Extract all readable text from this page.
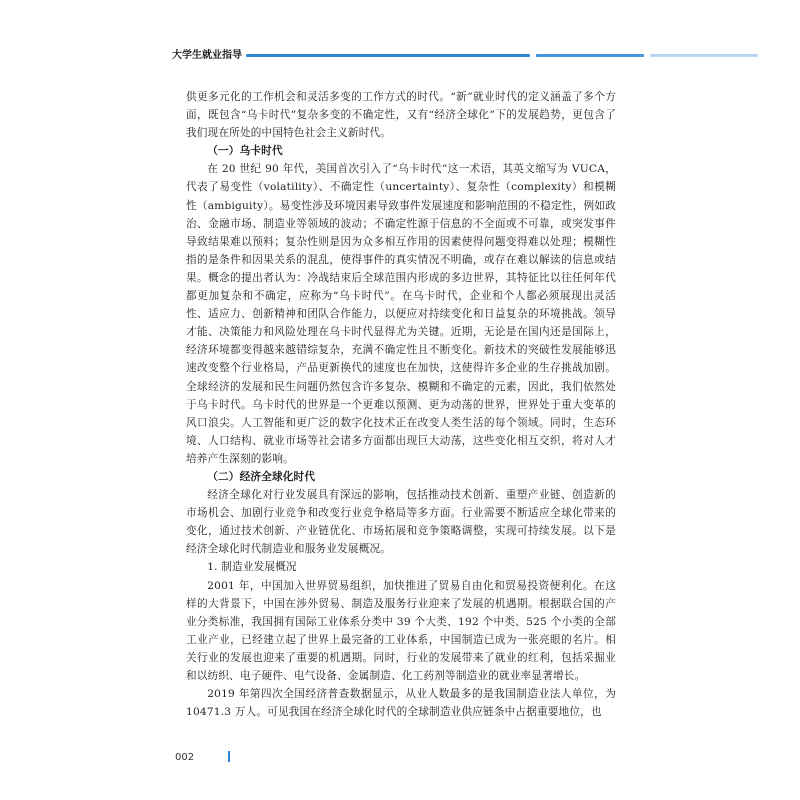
大学生就业指导

供更多元化的工作机会和灵活多变的工作方式的时代。“新”就业时代的定义涵盖了多个方面，既包含“乌卡时代”复杂多变的不确定性，又有“经济全球化”下的发展趋势，更包含了我们现在所处的中国特色社会主义新时代。

（一）乌卡时代

在 20 世纪 90 年代，美国首次引入了“乌卡时代”这一术语，其英文缩写为 VUCA，代表了易变性（volatility）、不确定性（uncertainty）、复杂性（complexity）和模糊性（ambiguity）。易变性涉及环境因素导致事件发展速度和影响范围的不稳定性，例如政治、金融市场、制造业等领域的波动；不确定性源于信息的不全面或不可靠，或突发事件导致结果难以预料；复杂性则是因为众多相互作用的因素使得问题变得难以处理；模糊性指的是条件和因果关系的混乱，使得事件的真实情况不明确，或存在难以解读的信息或结果。概念的提出者认为：冷战结束后全球范围内形成的多边世界，其特征比以往任何年代都更加复杂和不确定，应称为“乌卡时代”。在乌卡时代，企业和个人都必须展现出灵活性、适应力、创新精神和团队合作能力，以便应对持续变化和日益复杂的环境挑战。领导才能、决策能力和风险处理在乌卡时代显得尤为关键。近期，无论是在国内还是国际上，经济环境都变得越来越错综复杂，充满不确定性且不断变化。新技术的突破性发展能够迅速改变整个行业格局，产品更新换代的速度也在加快，这使得许多企业的生存挑战加剧。全球经济的发展和民生问题仍然包含许多复杂、模糊和不确定的元素，因此，我们依然处于乌卡时代。乌卡时代的世界是一个更难以预测、更为动荡的世界，世界处于重大变革的风口浪尖。人工智能和更广泛的数字化技术正在改变人类生活的每个领域。同时，生态环境、人口结构、就业市场等社会诸多方面都出现巨大动荡，这些变化相互交织，将对人才培养产生深刻的影响。

（二）经济全球化时代

经济全球化对行业发展具有深远的影响，包括推动技术创新、重塑产业链、创造新的市场机会、加剧行业竞争和改变行业竞争格局等多方面。行业需要不断适应全球化带来的变化，通过技术创新、产业链优化、市场拓展和竞争策略调整，实现可持续发展。以下是经济全球化时代制造业和服务业发展概况。

1. 制造业发展概况

2001 年，中国加入世界贸易组织，加快推进了贸易自由化和贸易投资便利化。在这样的大背景下，中国在涉外贸易、制造及服务行业迎来了发展的机遇期。根据联合国的产业分类标准，我国拥有国际工业体系分类中 39 个大类、192 个中类、525 个小类的全部工业产业，已经建立起了世界上最完备的工业体系，中国制造已成为一张亮眼的名片。相关行业的发展也迎来了重要的机遇期。同时，行业的发展带来了就业的红利，包括采掘业和以纺织、电子硬件、电气设备、金属制造、化工药剂等制造业的就业率显著增长。

2019 年第四次全国经济普查数据显示，从业人数最多的是我国制造业法人单位，为 10471.3 万人。可见我国在经济全球化时代的全球制造业供应链条中占据重要地位，也

002
